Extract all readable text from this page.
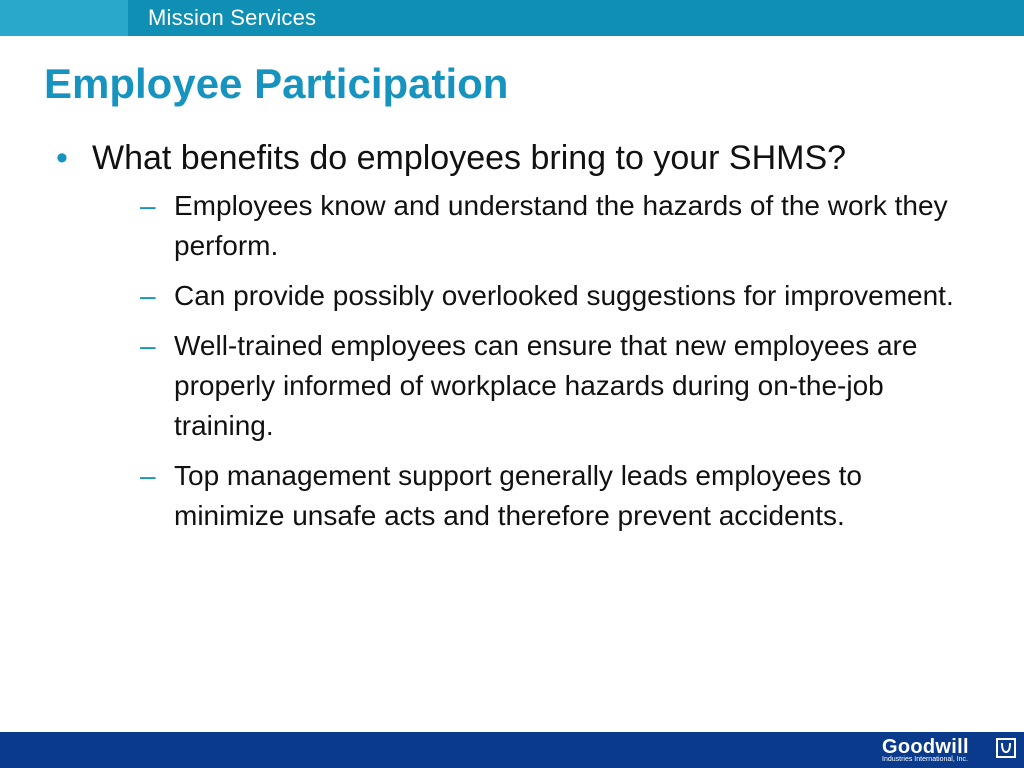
Mission Services
Employee Participation
• What benefits do employees bring to your SHMS?
– Employees know and understand the hazards of the work they perform.
– Can provide possibly overlooked suggestions for improvement.
– Well-trained employees can ensure that new employees are properly informed of workplace hazards during on-the-job training.
– Top management support generally leads employees to minimize unsafe acts and therefore prevent accidents.
Goodwill
Industries International, Inc.
